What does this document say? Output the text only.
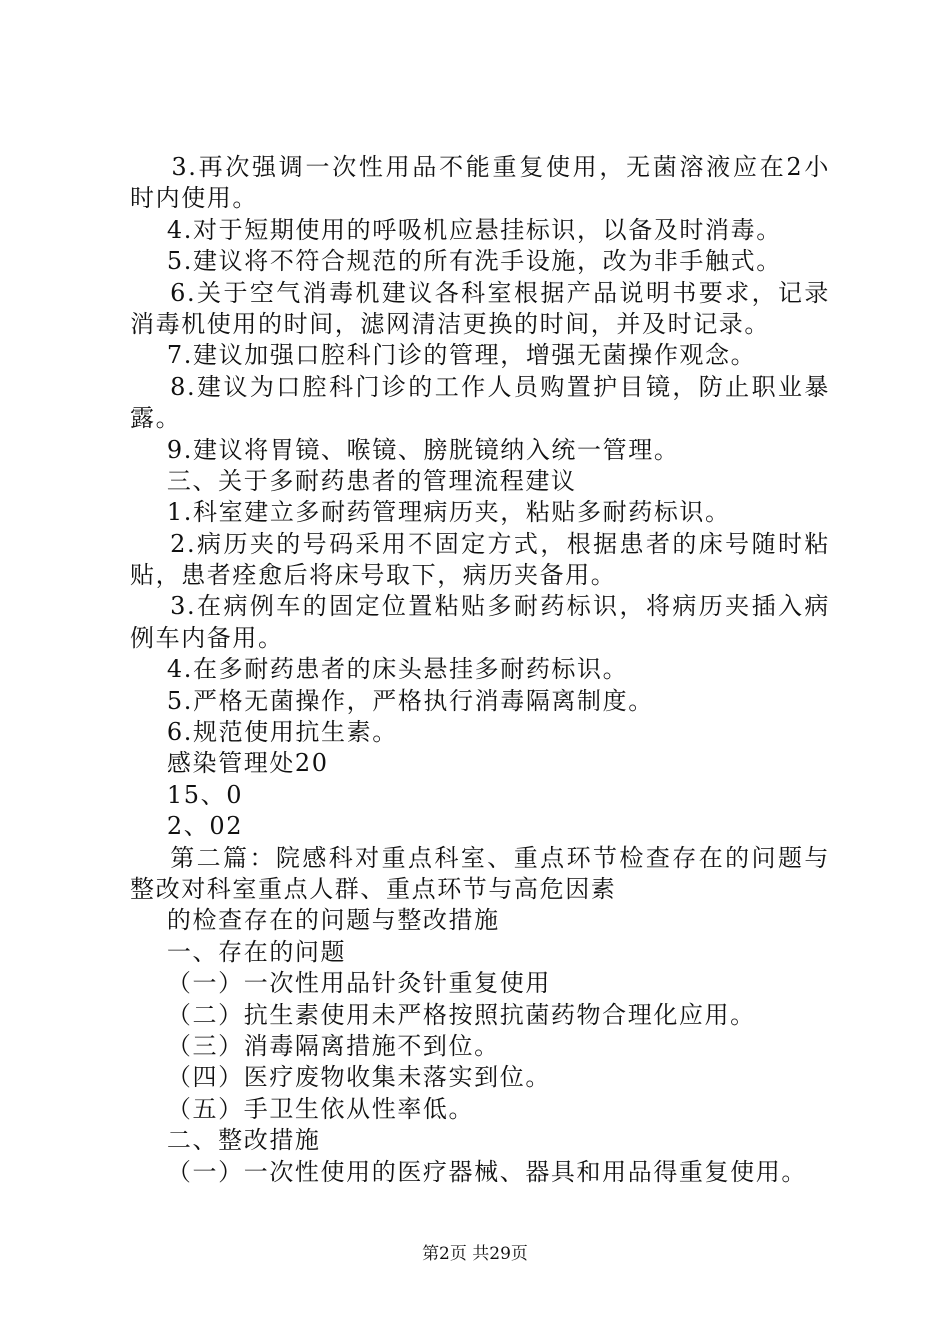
3.再次强调一次性用品不能重复使用，无菌溶液应在2小
时内使用。
4.对于短期使用的呼吸机应悬挂标识，以备及时消毒。
5.建议将不符合规范的所有洗手设施，改为非手触式。
6.关于空气消毒机建议各科室根据产品说明书要求，记录
消毒机使用的时间，滤网清洁更换的时间，并及时记录。
7.建议加强口腔科门诊的管理，增强无菌操作观念。
8.建议为口腔科门诊的工作人员购置护目镜，防止职业暴
露。
9.建议将胃镜、喉镜、膀胱镜纳入统一管理。
三、关于多耐药患者的管理流程建议
1.科室建立多耐药管理病历夹，粘贴多耐药标识。
2.病历夹的号码采用不固定方式，根据患者的床号随时粘
贴，患者痊愈后将床号取下，病历夹备用。
3.在病例车的固定位置粘贴多耐药标识，将病历夹插入病
例车内备用。
4.在多耐药患者的床头悬挂多耐药标识。
5.严格无菌操作，严格执行消毒隔离制度。
6.规范使用抗生素。
感染管理处20
15、0
2、02
第二篇：院感科对重点科室、重点环节检查存在的问题与
整改对科室重点人群、重点环节与高危因素
的检查存在的问题与整改措施
一、存在的问题
（一）一次性用品针灸针重复使用
（二）抗生素使用未严格按照抗菌药物合理化应用。
（三）消毒隔离措施不到位。
（四）医疗废物收集未落实到位。
（五）手卫生依从性率低。
二、整改措施
（一）一次性使用的医疗器械、器具和用品得重复使用。
第2页 共29页
